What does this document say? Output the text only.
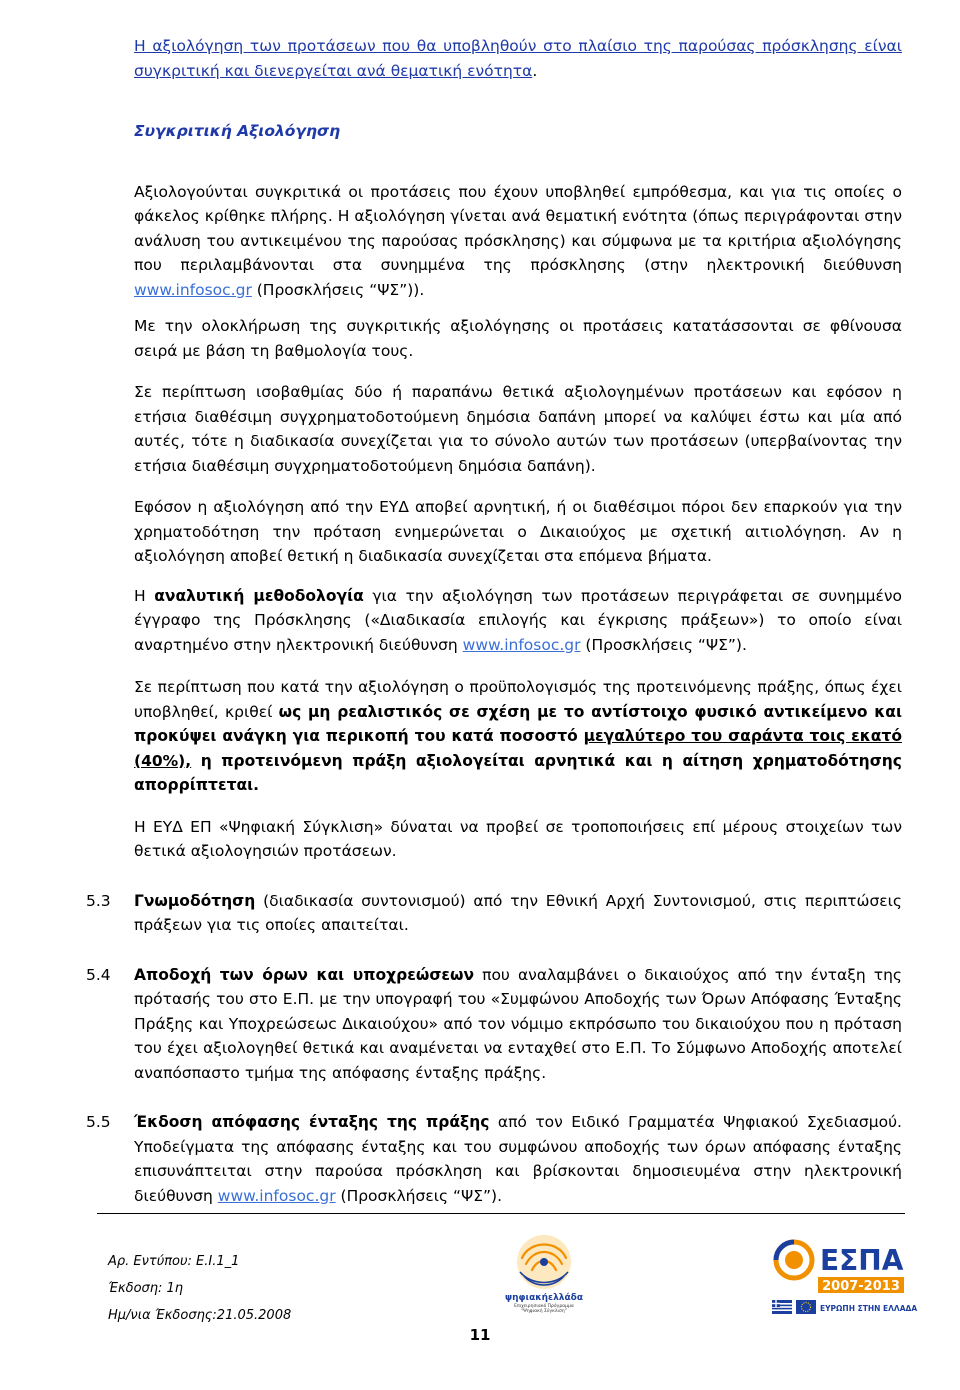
Η αξιολόγηση των προτάσεων που θα υποβληθούν στο πλαίσιο της παρούσας πρόσκλησης είναι συγκριτική και διενεργείται ανά θεματική ενότητα.

Συγκριτική Αξιολόγηση

Αξιολογούνται συγκριτικά οι προτάσεις που έχουν υποβληθεί εμπρόθεσμα, και για τις οποίες ο φάκελος κρίθηκε πλήρης. Η αξιολόγηση γίνεται ανά θεματική ενότητα (όπως περιγράφονται στην ανάλυση του αντικειμένου της παρούσας πρόσκλησης) και σύμφωνα με τα κριτήρια αξιολόγησης που περιλαμβάνονται στα συνημμένα της πρόσκλησης (στην ηλεκτρονική διεύθυνση www.infosoc.gr (Προσκλήσεις “ΨΣ”)).

Με την ολοκλήρωση της συγκριτικής αξιολόγησης οι προτάσεις κατατάσσονται σε φθίνουσα σειρά με βάση τη βαθμολογία τους.

Σε περίπτωση ισοβαθμίας δύο ή παραπάνω θετικά αξιολογημένων προτάσεων και εφόσον η ετήσια διαθέσιμη συγχρηματοδοτούμενη δημόσια δαπάνη μπορεί να καλύψει έστω και μία από αυτές, τότε η διαδικασία συνεχίζεται για το σύνολο αυτών των προτάσεων (υπερβαίνοντας την ετήσια διαθέσιμη συγχρηματοδοτούμενη δημόσια δαπάνη).

Εφόσον η αξιολόγηση από την ΕΥΔ αποβεί αρνητική, ή οι διαθέσιμοι πόροι δεν επαρκούν για την χρηματοδότηση την πρόταση ενημερώνεται ο Δικαιούχος με σχετική αιτιολόγηση. Αν η αξιολόγηση αποβεί θετική η διαδικασία συνεχίζεται στα επόμενα βήματα.

Η αναλυτική μεθοδολογία για την αξιολόγηση των προτάσεων περιγράφεται σε συνημμένο έγγραφο της Πρόσκλησης («Διαδικασία επιλογής και έγκρισης πράξεων») το οποίο είναι αναρτημένο στην ηλεκτρονική διεύθυνση www.infosoc.gr (Προσκλήσεις “ΨΣ”).

Σε περίπτωση που κατά την αξιολόγηση ο προϋπολογισμός της προτεινόμενης πράξης, όπως έχει υποβληθεί, κριθεί ως μη ρεαλιστικός σε σχέση με το αντίστοιχο φυσικό αντικείμενο και προκύψει ανάγκη για περικοπή του κατά ποσοστό μεγαλύτερο του σαράντα τοις εκατό (40%), η προτεινόμενη πράξη αξιολογείται αρνητικά και η αίτηση χρηματοδότησης απορρίπτεται.

Η ΕΥΔ ΕΠ «Ψηφιακή Σύγκλιση» δύναται να προβεί σε τροποποιήσεις επί μέρους στοιχείων των θετικά αξιολογησιών προτάσεων.

5.3 Γνωμοδότηση (διαδικασία συντονισμού) από την Εθνική Αρχή Συντονισμού, στις περιπτώσεις πράξεων για τις οποίες απαιτείται.

5.4 Αποδοχή των όρων και υποχρεώσεων που αναλαμβάνει ο δικαιούχος από την ένταξη της πρότασής του στο Ε.Π. με την υπογραφή του «Συμφώνου Αποδοχής των Όρων Απόφασης Ένταξης Πράξης και Υποχρεώσεωc Δικαιούχου» από τον νόμιμο εκπρόσωπο του δικαιούχου που η πρόταση του έχει αξιολογηθεί θετικά και αναμένεται να ενταχθεί στο Ε.Π. Το Σύμφωνο Αποδοχής αποτελεί αναπόσπαστο τμήμα της απόφασης ένταξης πράξης.

5.5 Έκδοση απόφασης ένταξης της πράξης από τον Ειδικό Γραμματέα Ψηφιακού Σχεδιασμού. Υποδείγματα της απόφασης ένταξης και του συμφώνου αποδοχής των όρων απόφασης ένταξης επισυνάπτειται στην παρούσα πρόσκληση και βρίσκονται δημοσιευμένα στην ηλεκτρονική διεύθυνση www.infosoc.gr (Προσκλήσεις “ΨΣ”).

Αρ. Εντύπου: Ε.Ι.1_1
Έκδοση: 1η
Ημ/νια Έκδοσης:21.05.2008
ψηφιακήελλάδα
Επιχειρησιακό Πρόγραμμα
"Ψηφιακή Σύγκλιση"
ΕΣΠΑ
2007-2013
ΕΥΡΩΠΗ ΣΤΗΝ ΕΛΛΑΔΑ
11
